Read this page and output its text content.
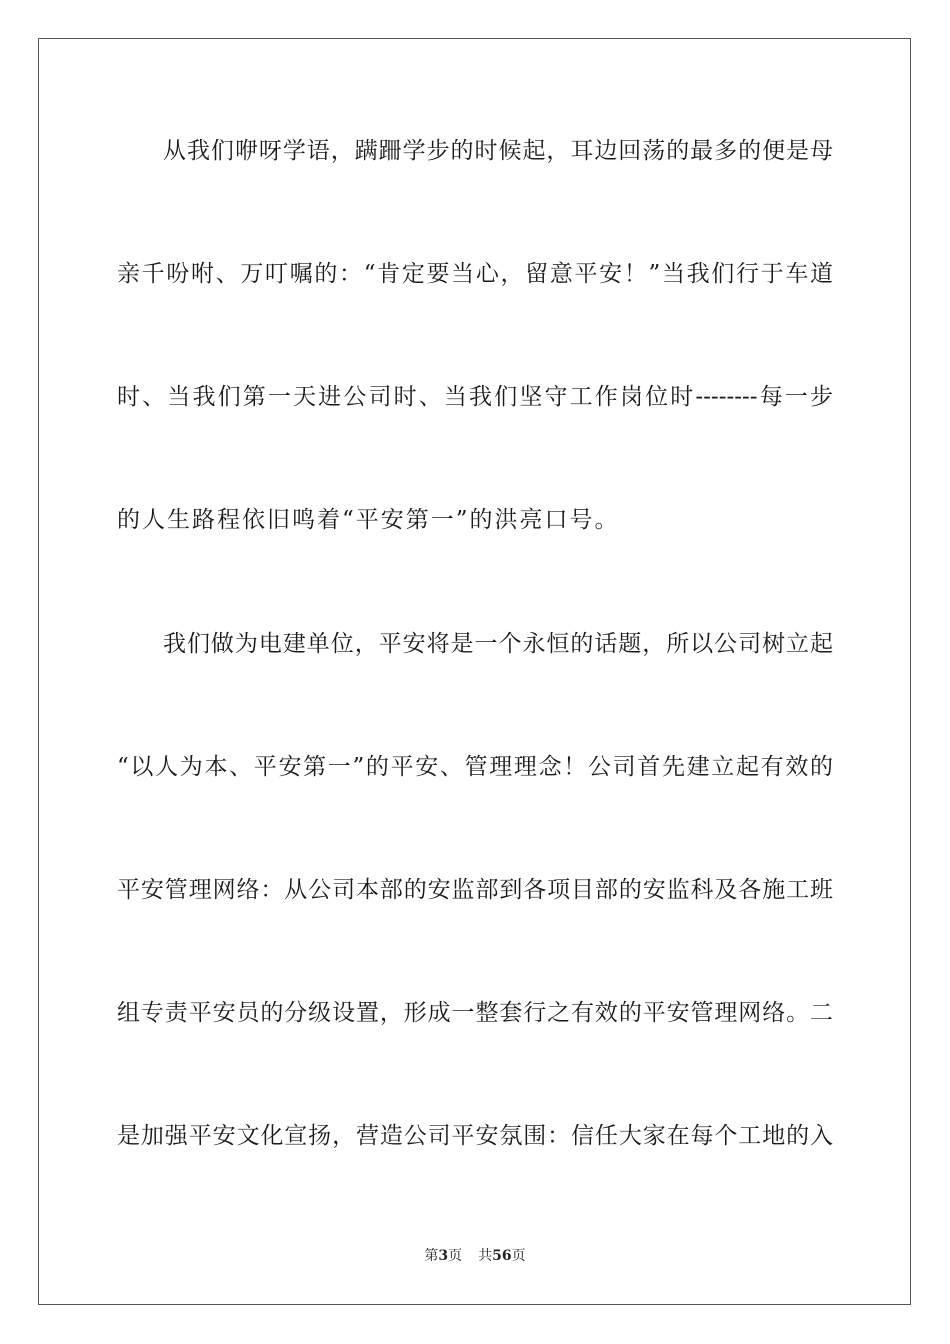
从我们咿呀学语，蹒跚学步的时候起，耳边回荡的最多的便是母
亲千吩咐、万叮嘱的：“肯定要当心，留意平安！”当我们行于车道
时、当我们第一天进公司时、当我们坚守工作岗位时--------每一步
的人生路程依旧鸣着“平安第一”的洪亮口号。
我们做为电建单位，平安将是一个永恒的话题，所以公司树立起
“以人为本、平安第一”的平安、管理理念！公司首先建立起有效的
平安管理网络：从公司本部的安监部到各项目部的安监科及各施工班
组专责平安员的分级设置，形成一整套行之有效的平安管理网络。二
是加强平安文化宣扬，营造公司平安氛围：信任大家在每个工地的入
第3页 共56页
